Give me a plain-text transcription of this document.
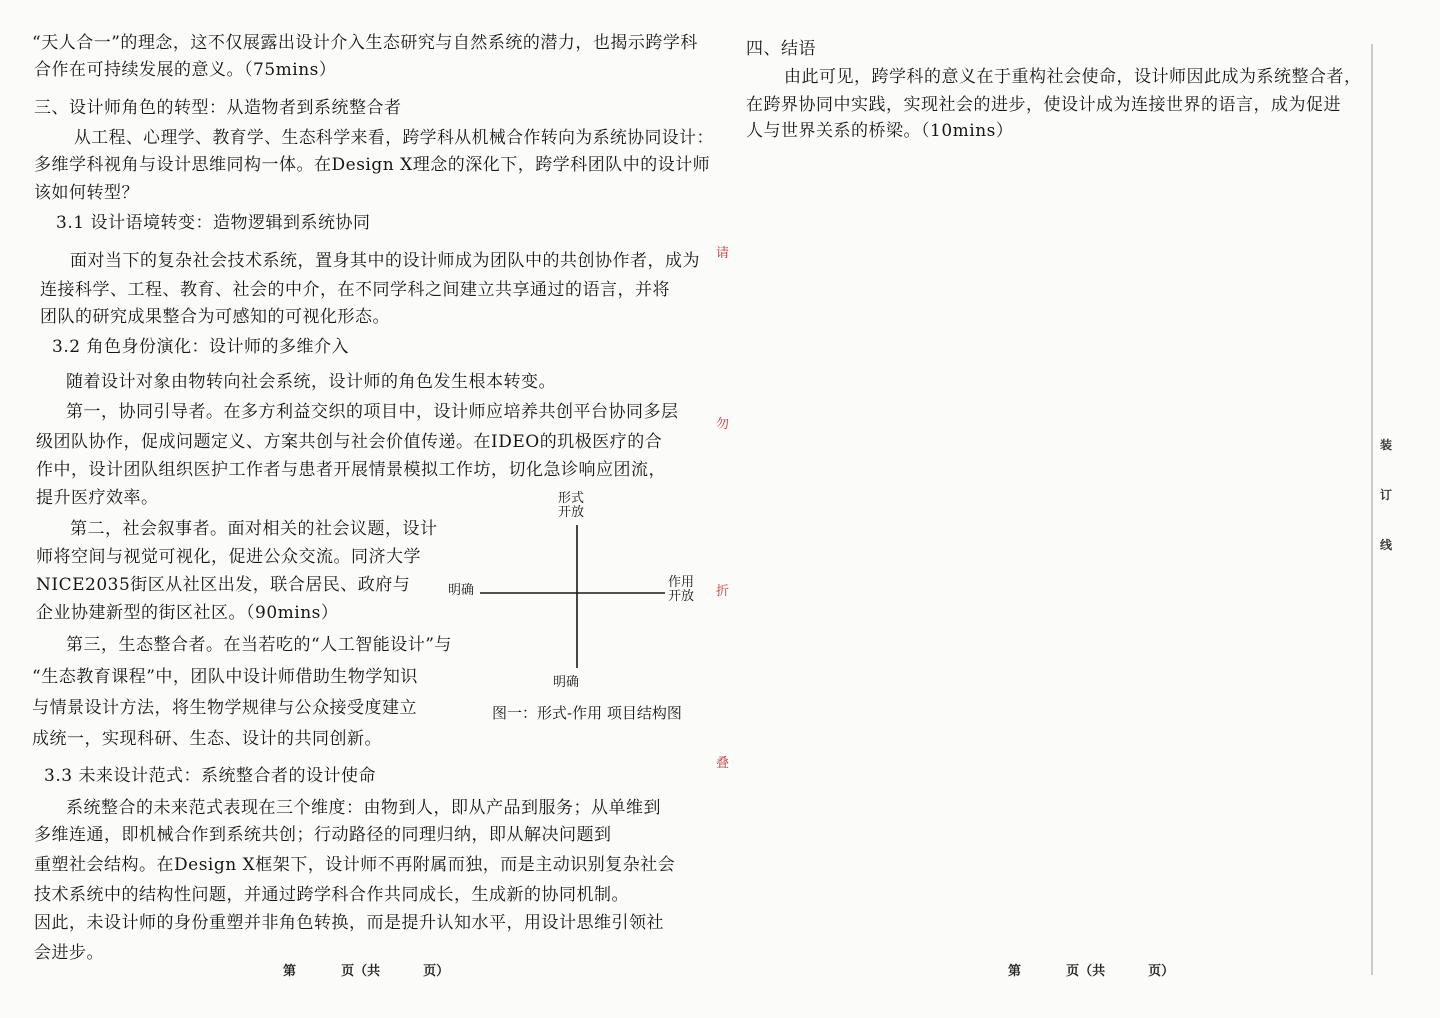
“天人合一”的理念，这不仅展露出设计介入生态研究与自然系统的潜力，也揭示跨学科
合作在可持续发展的意义。（75mins）
三、设计师角色的转型：从造物者到系统整合者
从工程、心理学、教育学、生态科学来看，跨学科从机械合作转向为系统协同设计：
多维学科视角与设计思维同构一体。在Design X理念的深化下，跨学科团队中的设计师
该如何转型？
3.1 设计语境转变：造物逻辑到系统协同
面对当下的复杂社会技术系统，置身其中的设计师成为团队中的共创协作者，成为
连接科学、工程、教育、社会的中介，在不同学科之间建立共享通过的语言，并将
团队的研究成果整合为可感知的可视化形态。
3.2 角色身份演化：设计师的多维介入
随着设计对象由物转向社会系统，设计师的角色发生根本转变。
第一，协同引导者。在多方利益交织的项目中，设计师应培养共创平台协同多层
级团队协作，促成问题定义、方案共创与社会价值传递。在IDEO的玑极医疗的合
作中，设计团队组织医护工作者与患者开展情景模拟工作坊，切化急诊响应团流，
提升医疗效率。
第二，社会叙事者。面对相关的社会议题，设计
师将空间与视觉可视化，促进公众交流。同济大学
NICE2035街区从社区出发，联合居民、政府与
企业协建新型的街区社区。（90mins）
第三，生态整合者。在当若吃的“人工智能设计”与
“生态教育课程”中，团队中设计师借助生物学知识
与情景设计方法，将生物学规律与公众接受度建立
成统一，实现科研、生态、设计的共同创新。
3.3 未来设计范式：系统整合者的设计使命
系统整合的未来范式表现在三个维度：由物到人，即从产品到服务；从单维到
多维连通，即机械合作到系统共创；行动路径的同理归纳，即从解决问题到
重塑社会结构。在Design X框架下，设计师不再附属而独，而是主动识别复杂社会
技术系统中的结构性问题，并通过跨学科合作共同成长，生成新的协同机制。
因此，未设计师的身份重塑并非角色转换，而是提升认知水平，用设计思维引领社
会进步。
形式
开放
作用
开放
明确
明确
图一：形式-作用 项目结构图
请
勿
折
叠
四、结语
由此可见，跨学科的意义在于重构社会使命，设计师因此成为系统整合者，
在跨界协同中实践，实现社会的进步，使设计成为连接世界的语言，成为促进
人与世界关系的桥梁。（10mins）
装
订
线
第	页（共	页）	第	页（共	页）
